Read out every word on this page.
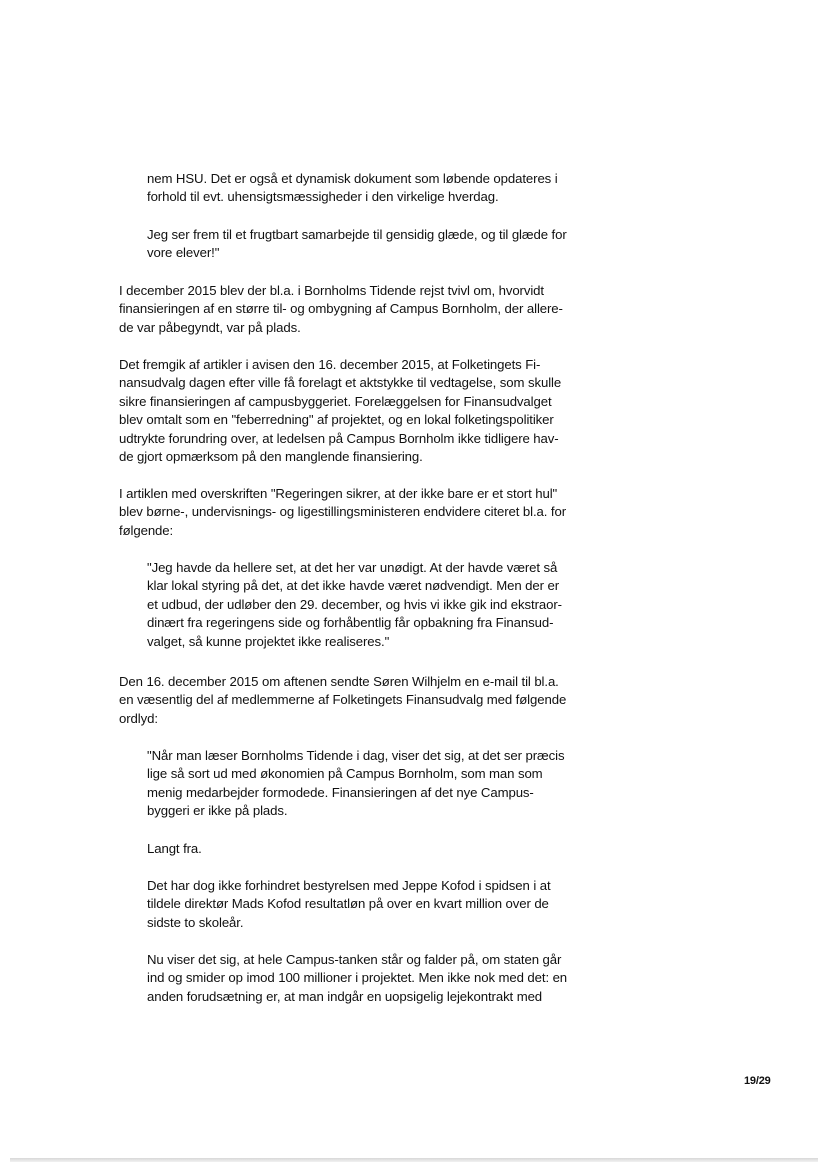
nem HSU. Det er også et dynamisk dokument som løbende opdateres i
forhold til evt. uhensigtsmæssigheder i den virkelige hverdag.

Jeg ser frem til et frugtbart samarbejde til gensidig glæde, og til glæde for
vore elever!"

I december 2015 blev der bl.a. i Bornholms Tidende rejst tvivl om, hvorvidt
finansieringen af en større til- og ombygning af Campus Bornholm, der allere-
de var påbegyndt, var på plads.

Det fremgik af artikler i avisen den 16. december 2015, at Folketingets Fi-
nansudvalg dagen efter ville få forelagt et aktstykke til vedtagelse, som skulle
sikre finansieringen af campusbyggeriet. Forelæggelsen for Finansudvalget
blev omtalt som en "feberredning" af projektet, og en lokal folketingspolitiker
udtrykte forundring over, at ledelsen på Campus Bornholm ikke tidligere hav-
de gjort opmærksom på den manglende finansiering.

I artiklen med overskriften "Regeringen sikrer, at der ikke bare er et stort hul"
blev børne-, undervisnings- og ligestillingsministeren endvidere citeret bl.a. for
følgende:

"Jeg havde da hellere set, at det her var unødigt. At der havde været så
klar lokal styring på det, at det ikke havde været nødvendigt. Men der er
et udbud, der udløber den 29. december, og hvis vi ikke gik ind ekstraor-
dinært fra regeringens side og forhåbentlig får opbakning fra Finansud-
valget, så kunne projektet ikke realiseres."

Den 16. december 2015 om aftenen sendte Søren Wilhjelm en e-mail til bl.a.
en væsentlig del af medlemmerne af Folketingets Finansudvalg med følgende
ordlyd:

"Når man læser Bornholms Tidende i dag, viser det sig, at det ser præcis
lige så sort ud med økonomien på Campus Bornholm, som man som
menig medarbejder formodede. Finansieringen af det nye Campus-
byggeri er ikke på plads.

Langt fra.

Det har dog ikke forhindret bestyrelsen med Jeppe Kofod i spidsen i at
tildele direktør Mads Kofod resultatløn på over en kvart million over de
sidste to skoleår.

Nu viser det sig, at hele Campus-tanken står og falder på, om staten går
ind og smider op imod 100 millioner i projektet. Men ikke nok med det: en
anden forudsætning er, at man indgår en uopsigelig lejekontrakt med

19/29
